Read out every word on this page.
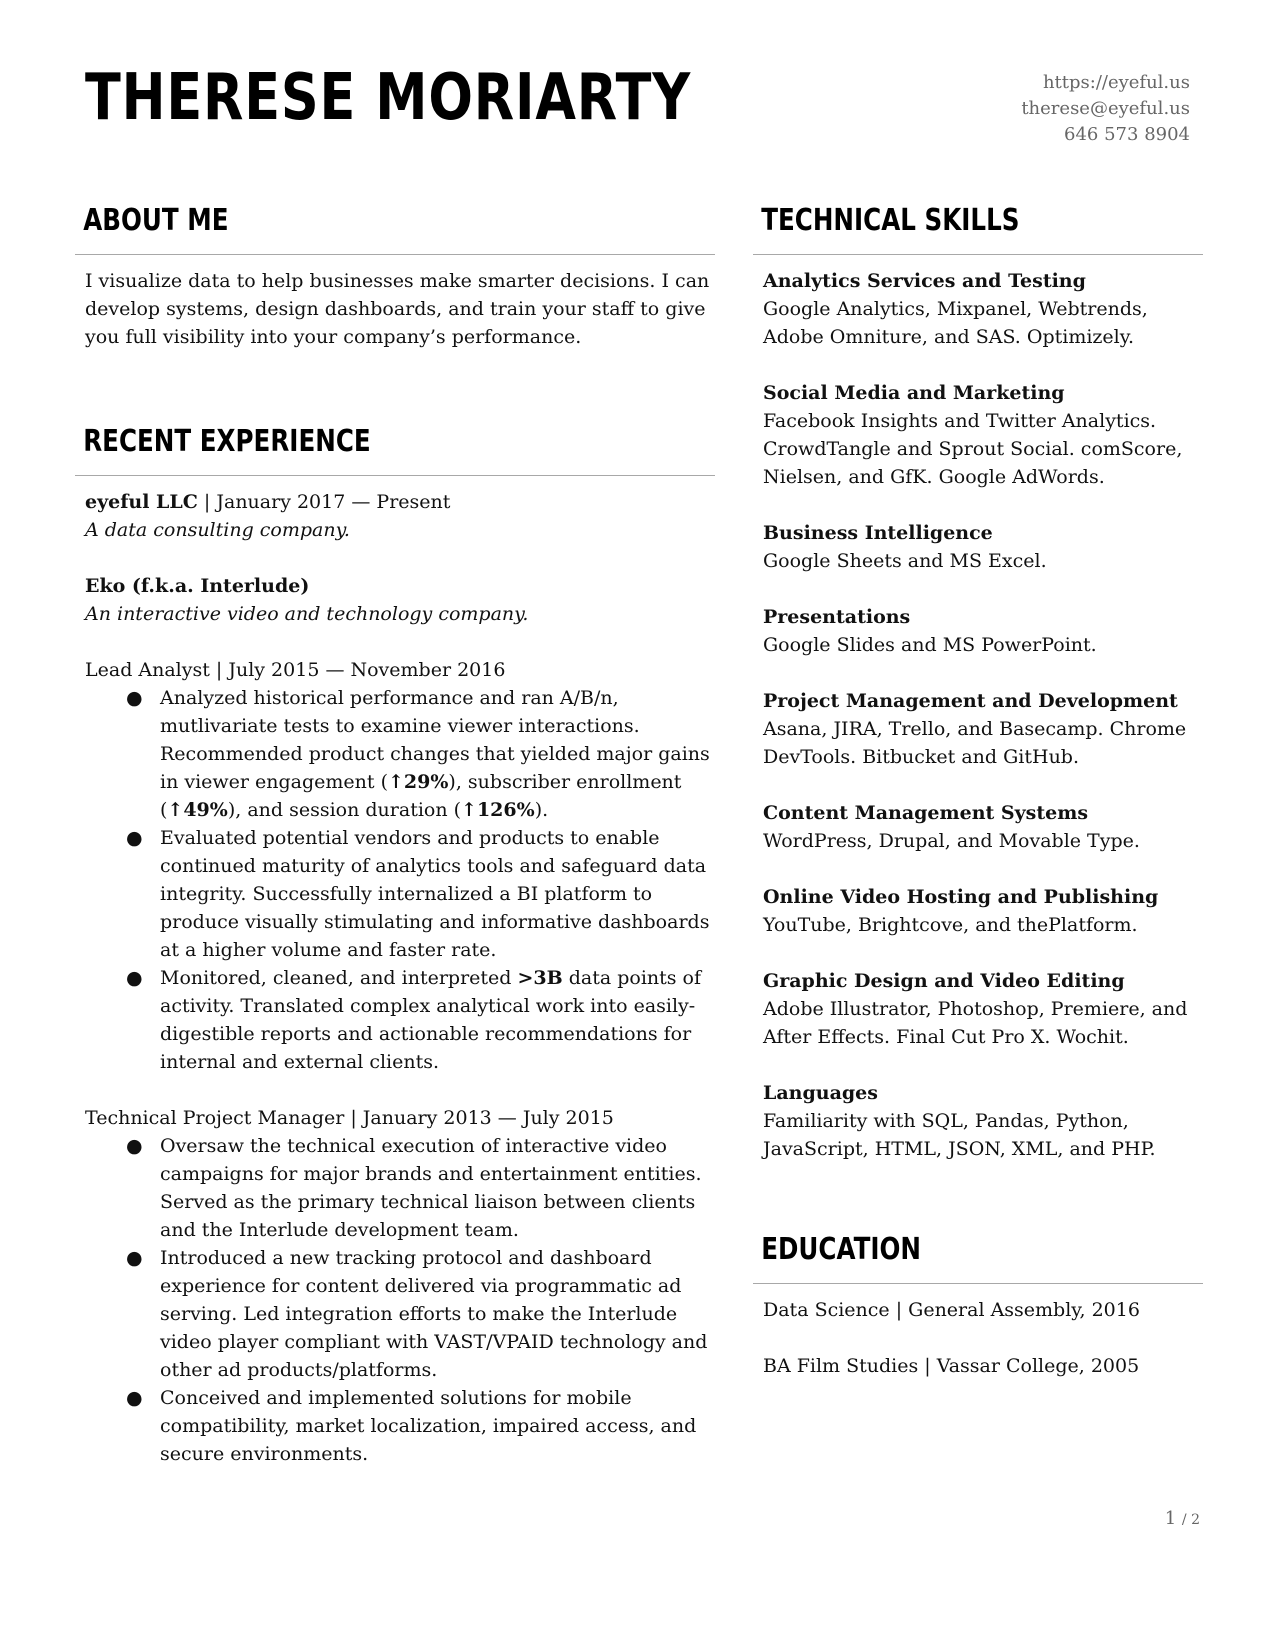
THERESE MORIARTY	https://eyeful.us
therese@eyeful.us
646 573 8904
ABOUT ME

I visualize data to help businesses make smarter decisions. I can develop systems, design dashboards, and train your staff to give you full visibility into your company’s performance.

RECENT EXPERIENCE

eyeful LLC | January 2017 — Present

A data consulting company.

Eko (f.k.a. Interlude)

An interactive video and technology company.

Lead Analyst | July 2015 — November 2016

● Analyzed historical performance and ran A/B/n, mutlivariate tests to examine viewer interactions. Recommended product changes that yielded major gains in viewer engagement (↑29%), subscriber enrollment (↑49%), and session duration (↑126%).
● Evaluated potential vendors and products to enable continued maturity of analytics tools and safeguard data integrity. Successfully internalized a BI platform to produce visually stimulating and informative dashboards at a higher volume and faster rate.
● Monitored, cleaned, and interpreted >3B data points of activity. Translated complex analytical work into easily-digestible reports and actionable recommendations for internal and external clients.

Technical Project Manager | January 2013 — July 2015

● Oversaw the technical execution of interactive video campaigns for major brands and entertainment entities. Served as the primary technical liaison between clients and the Interlude development team.
● Introduced a new tracking protocol and dashboard experience for content delivered via programmatic ad serving. Led integration efforts to make the Interlude video player compliant with VAST/VPAID technology and other ad products/platforms.
● Conceived and implemented solutions for mobile compatibility, market localization, impaired access, and secure environments.
TECHNICAL SKILLS
Analytics Services and Testing
Google Analytics, Mixpanel, Webtrends, Adobe Omniture, and SAS. Optimizely.
Social Media and Marketing
Facebook Insights and Twitter Analytics. CrowdTangle and Sprout Social. comScore, Nielsen, and GfK. Google AdWords.
Business Intelligence
Google Sheets and MS Excel.
Presentations
Google Slides and MS PowerPoint.
Project Management and Development
Asana, JIRA, Trello, and Basecamp. Chrome DevTools. Bitbucket and GitHub.
Content Management Systems
WordPress, Drupal, and Movable Type.
Online Video Hosting and Publishing
YouTube, Brightcove, and thePlatform.
Graphic Design and Video Editing
Adobe Illustrator, Photoshop, Premiere, and After Effects. Final Cut Pro X. Wochit.
Languages
Familiarity with SQL, Pandas, Python, JavaScript, HTML, JSON, XML, and PHP.
EDUCATION
Data Science | General Assembly, 2016
BA Film Studies | Vassar College, 2005
1 / 2
